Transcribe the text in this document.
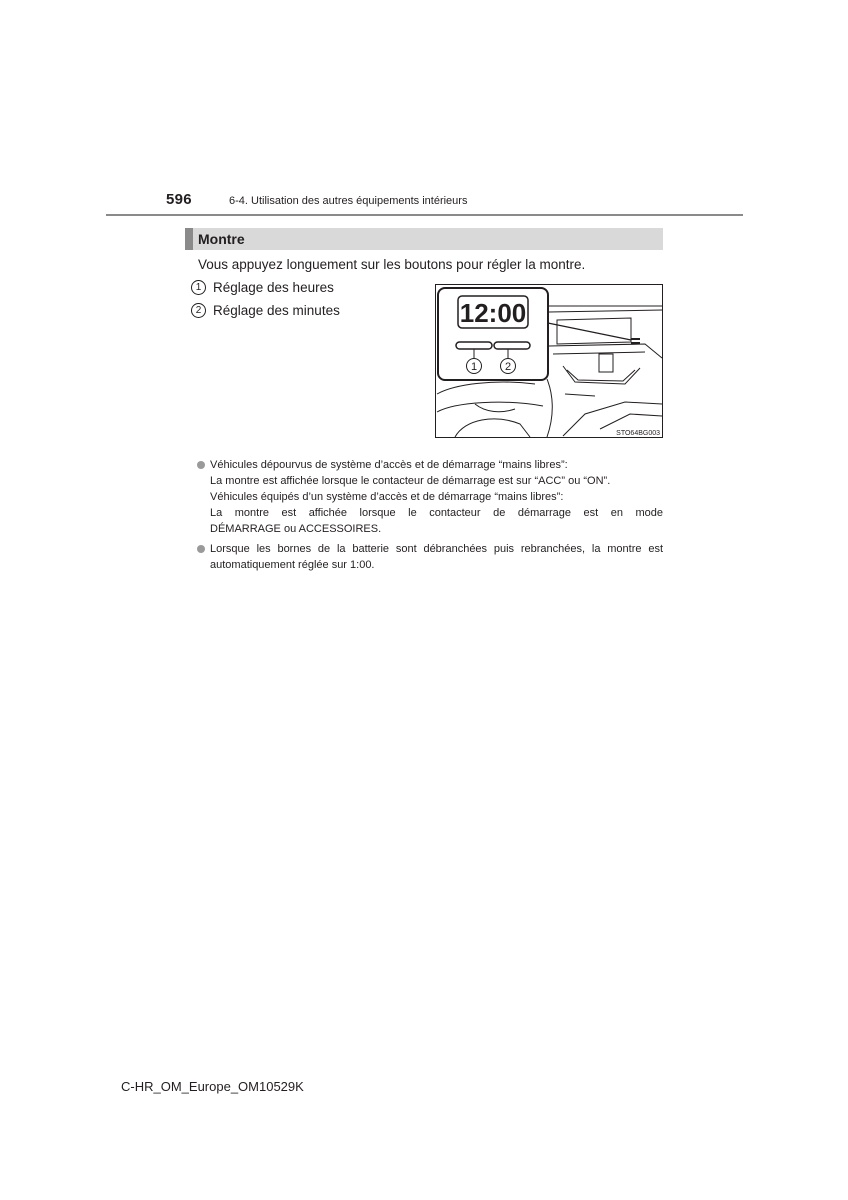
596	6-4. Utilisation des autres équipements intérieurs
Montre
Vous appuyez longuement sur les boutons pour régler la montre.
1 Réglage des heures
2 Réglage des minutes	12:00
1	2
STO64BG003
Véhicules dépourvus de système d’accès et de démarrage “mains libres”:
La montre est affichée lorsque le contacteur de démarrage est sur “ACC” ou “ON”.
Véhicules équipés d’un système d’accès et de démarrage “mains libres”:
La montre est affichée lorsque le contacteur de démarrage est en mode
DÉMARRAGE ou ACCESSOIRES.
Lorsque les bornes de la batterie sont débranchées puis rebranchées, la montre est
automatiquement réglée sur 1:00.
C-HR_OM_Europe_OM10529K
